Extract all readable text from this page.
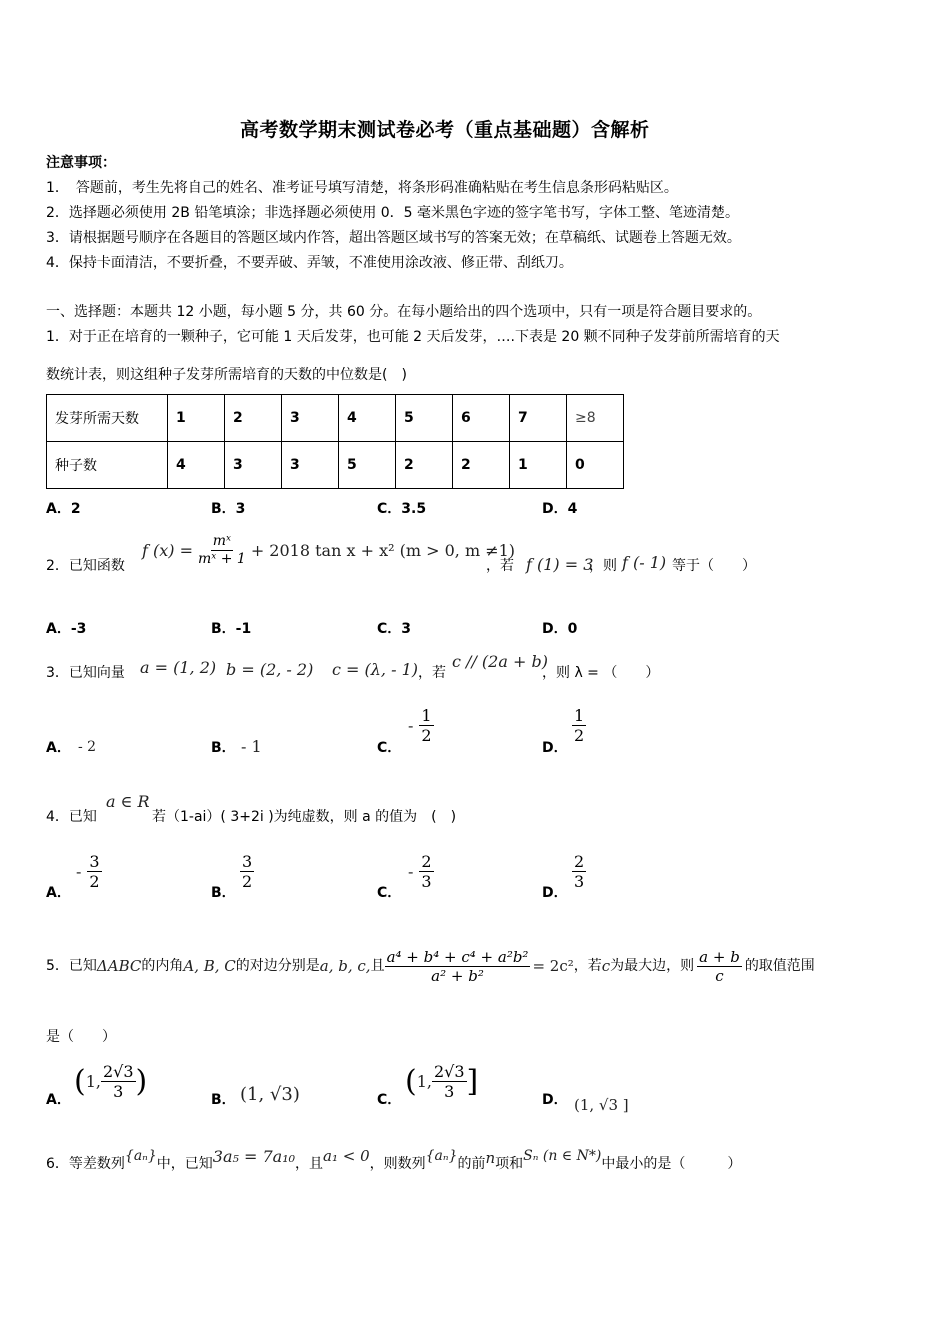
高考数学期末测试卷必考（重点基础题）含解析
注意事项：
1．　答题前，考生先将自己的姓名、准考证号填写清楚，将条形码准确粘贴在考生信息条形码粘贴区。
2．选择题必须使用 2B 铅笔填涂；非选择题必须使用 0．5 毫米黑色字迹的签字笔书写，字体工整、笔迹清楚。
3．请根据题号顺序在各题目的答题区域内作答，超出答题区域书写的答案无效；在草稿纸、试题卷上答题无效。
4．保持卡面清洁，不要折叠，不要弄破、弄皱，不准使用涂改液、修正带、刮纸刀。
一、选择题：本题共 12 小题，每小题 5 分，共 60 分。在每小题给出的四个选项中，只有一项是符合题目要求的。
1．对于正在培育的一颗种子，它可能 1 天后发芽，也可能 2 天后发芽，….下表是 20 颗不同种子发芽前所需培育的天
数统计表，则这组种子发芽所需培育的天数的中位数是(　)
发芽所需天数	1	2	3	4	5	6	7	≥8
种子数	4	3	3	5	2	2	1	0
A．2	B．3	C．3.5	D．4
2．已知函数
f $(x) = \frac{\text{mˣ}}{\text{mˣ + 1}} + 2018$ tan x + x² (m > 0, m ≠1)
，若 f (1) = 3
，则 f (- 1) 等于（　　）
A．-3	B．-1	C．3	D．0
3．已知向量 a = (1, 2) b = (2, - 2) c = (λ, - 1) ，若
c // (2a + b)
，则 λ = （　　）
A． - 2	B． - 1	C．
- $\frac{1}{2}$
D．
$\frac{1}{2}$
4．已知
a ∈ R
若（1-ai）( 3+2i )为纯虚数，则 a 的值为　(　)
A．
- $\frac{3}{2}$
B．
$\frac{3}{2}$
C．
- $\frac{2}{3}$
D．
$\frac{2}{3}$
5．已知 ΔABC 的内角 A, B, C 的对边分别是 a, b, c, 且 $\frac{\text{a⁴ + b⁴ + c⁴ + a²b²}}{\text{a² + b²}} = 2c^2$ ，若 c 为最大边，则 $\frac{a + b}{c}$ 的取值范围
是（　　）
A．
( 1, $\frac{2√3}{3}$ )
B． (1, √3)	C．
( 1, $\frac{2√3}{3}$ ]
D． (1, √3 ]
6．等差数列 {aₙ} 中，已知 3a₅ = 7a₁₀ ，且 a₁ < 0 ，则数列 {aₙ} 的前 n 项和 Sₙ (n ∈ N*) 中最小的是（　　　）
